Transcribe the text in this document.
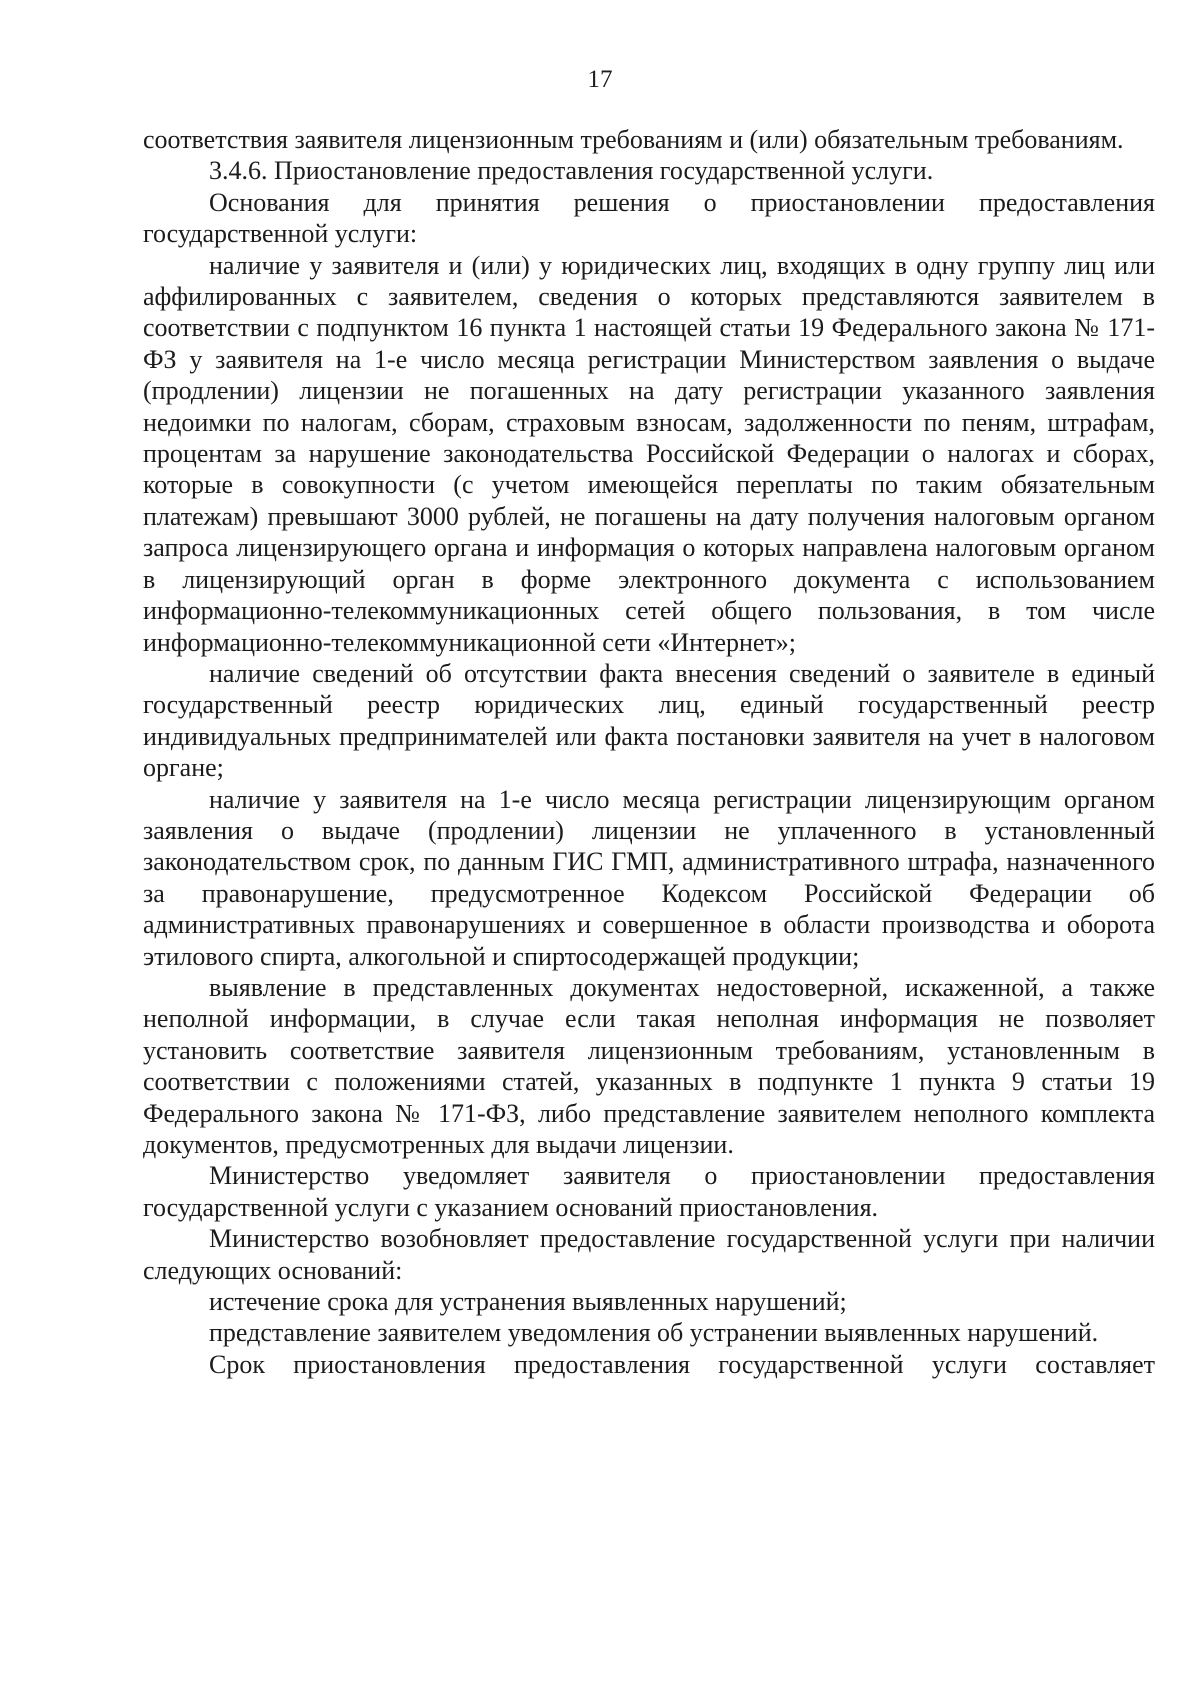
17

соответствия заявителя лицензионным требованиям и (или) обязательным требованиям.

3.4.6. Приостановление предоставления государственной услуги.

Основания для принятия решения о приостановлении предоставления государственной услуги:

наличие у заявителя и (или) у юридических лиц, входящих в одну группу лиц или аффилированных с заявителем, сведения о которых представляются заявителем в соответствии с подпунктом 16 пункта 1 настоящей статьи 19 Федерального закона № 171-ФЗ у заявителя на 1-е число месяца регистрации Министерством заявления о выдаче (продлении) лицензии не погашенных на дату регистрации указанного заявления недоимки по налогам, сборам, страховым взносам, задолженности по пеням, штрафам, процентам за нарушение законодательства Российской Федерации о налогах и сборах, которые в совокупности (с учетом имеющейся переплаты по таким обязательным платежам) превышают 3000 рублей, не погашены на дату получения налоговым органом запроса лицензирующего органа и информация о которых направлена налоговым органом в лицензирующий орган в форме электронного документа с использованием информационно-телекоммуникационных сетей общего пользования, в том числе информационно-телекоммуникационной сети «Интернет»;

наличие сведений об отсутствии факта внесения сведений о заявителе в единый государственный реестр юридических лиц, единый государственный реестр индивидуальных предпринимателей или факта постановки заявителя на учет в налоговом органе;

наличие у заявителя на 1-е число месяца регистрации лицензирующим органом заявления о выдаче (продлении) лицензии не уплаченного в установленный законодательством срок, по данным ГИС ГМП, административного штрафа, назначенного за правонарушение, предусмотренное Кодексом Российской Федерации об административных правонарушениях и совершенное в области производства и оборота этилового спирта, алкогольной и спиртосодержащей продукции;

выявление в представленных документах недостоверной, искаженной, а также неполной информации, в случае если такая неполная информация не позволяет установить соответствие заявителя лицензионным требованиям, установленным в соответствии с положениями статей, указанных в подпункте 1 пункта 9 статьи 19 Федерального закона № 171-ФЗ, либо представление заявителем неполного комплекта документов, предусмотренных для выдачи лицензии.

Министерство уведомляет заявителя о приостановлении предоставления государственной услуги с указанием оснований приостановления.

Министерство возобновляет предоставление государственной услуги при наличии следующих оснований:

истечение срока для устранения выявленных нарушений;

представление заявителем уведомления об устранении выявленных нарушений.

Срок приостановления предоставления государственной услуги составляет
